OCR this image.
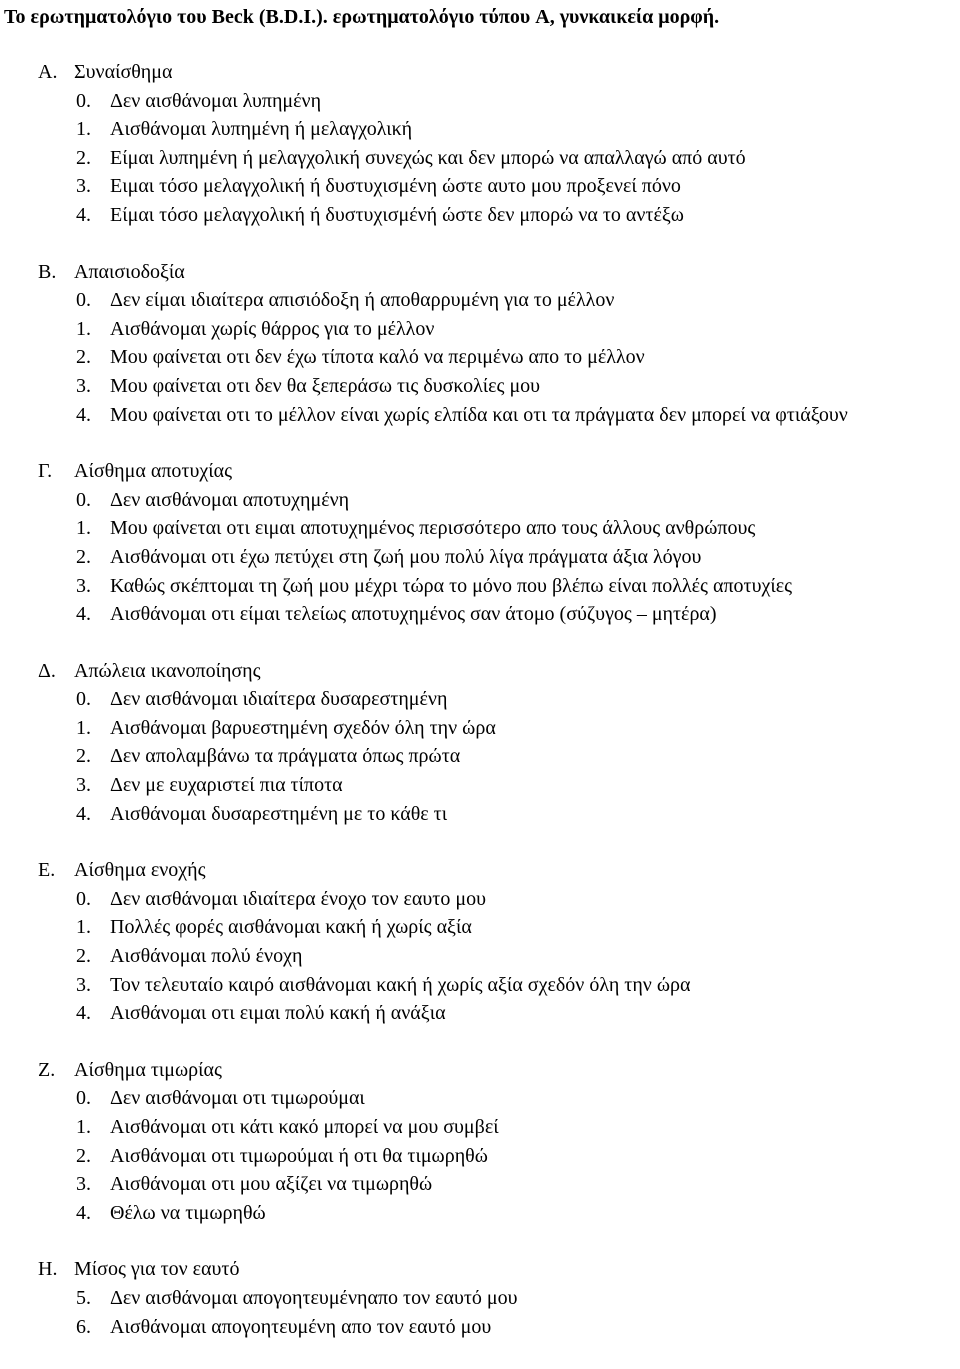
Το ερωτηματολόγιο του Beck (B.D.I.). ερωτηματολόγιο τύπου A, γυνκαικεία μορφή.
Α. Συναίσθημα
0. Δεν αισθάνομαι λυπημένη
1. Αισθάνομαι λυπημένη ή μελαγχολική
2. Είμαι λυπημένη ή μελαγχολική συνεχώς και δεν μπορώ να απαλλαγώ από αυτό
3. Ειμαι τόσο μελαγχολική ή δυστυχισμένη ώστε αυτο μου προξενεί πόνο
4. Είμαι τόσο μελαγχολική ή δυστυχισμένή ώστε δεν μπορώ να το αντέξω
Β. Απαισιοδοξία
0. Δεν είμαι ιδιαίτερα απισιόδοξη ή αποθαρρυμένη για το μέλλον
1. Αισθάνομαι χωρίς θάρρος για το μέλλον
2. Μου φαίνεται οτι δεν έχω τίποτα καλό να περιμένω απο το μέλλον
3. Μου φαίνεται οτι δεν θα ξεπεράσω τις δυσκολίες μου
4. Μου φαίνεται οτι το μέλλον είναι χωρίς ελπίδα και οτι τα πράγματα δεν μπορεί να φτιάξουν
Γ.	Αίσθημα αποτυχίας
0. Δεν αισθάνομαι αποτυχημένη
1. Μου φαίνεται οτι ειμαι αποτυχημένος περισσότερο απο τους άλλους ανθρώπους
2. Αισθάνομαι οτι έχω πετύχει στη ζωή μου πολύ λίγα πράγματα άξια λόγου
3. Καθώς σκέπτομαι τη ζωή μου μέχρι τώρα το μόνο που βλέπω είναι πολλές αποτυχίες
4. Αισθάνομαι οτι είμαι τελείως αποτυχημένος σαν άτομο (σύζυγος – μητέρα)
Δ. Απώλεια ικανοποίησης
0. Δεν αισθάνομαι ιδιαίτερα δυσαρεστημένη
1. Αισθάνομαι βαρυεστημένη σχεδόν όλη την ώρα
2. Δεν απολαμβάνω τα πράγματα όπως πρώτα
3. Δεν με ευχαριστεί πια τίποτα
4. Αισθάνομαι δυσαρεστημένη με το κάθε τι
Ε. Αίσθημα ενοχής
0. Δεν αισθάνομαι ιδιαίτερα ένοχο τον εαυτο μου
1. Πολλές φορές αισθάνομαι κακή ή χωρίς αξία
2. Αισθάνομαι πολύ ένοχη
3. Τον τελευταίο καιρό αισθάνομαι κακή ή χωρίς αξία σχεδόν όλη την ώρα
4. Αισθάνομαι οτι ειμαι πολύ κακή ή ανάξια
Ζ. Αίσθημα τιμωρίας
0. Δεν αισθάνομαι οτι τιμωρούμαι
1. Αισθάνομαι οτι κάτι κακό μπορεί να μου συμβεί
2. Αισθάνομαι οτι τιμωρούμαι ή οτι θα τιμωρηθώ
3. Αισθάνομαι οτι μου αξίζει να τιμωρηθώ
4. Θέλω να τιμωρηθώ
Η. Μίσος για τον εαυτό
5. Δεν αισθάνομαι απογοητευμένηαπο τον εαυτό μου
6. Αισθάνομαι απογοητευμένη απο τον εαυτό μου
